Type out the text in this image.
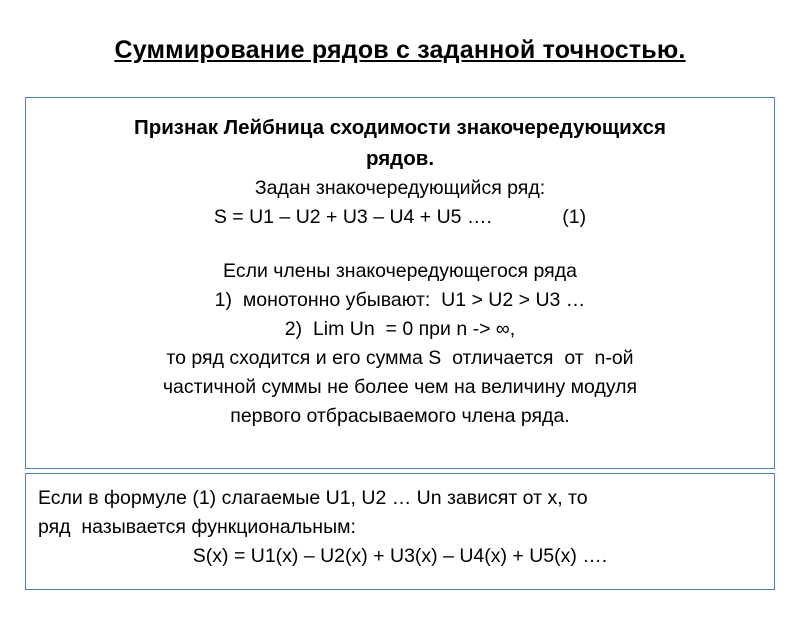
Суммирование рядов с заданной точностью.
Признак Лейбница сходимости знакочередующихся
рядов.
Задан знакочередующийся ряд:
S = U1 – U2 + U3 – U4 + U5 ….             (1)
Если члены знакочередующегося ряда
1)  монотонно убывают:  U1 > U2 > U3 …
2)  Lim Un  = 0 при n -> ∞,
то ряд сходится и его сумма S  отличается  от  n-ой
частичной суммы не более чем на величину модуля
первого отбрасываемого члена ряда.
Если в формуле (1) слагаемые U1, U2 … Un зависят от х, то
ряд  называется функциональным:
S(x) = U1(x) – U2(x) + U3(x) – U4(x) + U5(x) ….
